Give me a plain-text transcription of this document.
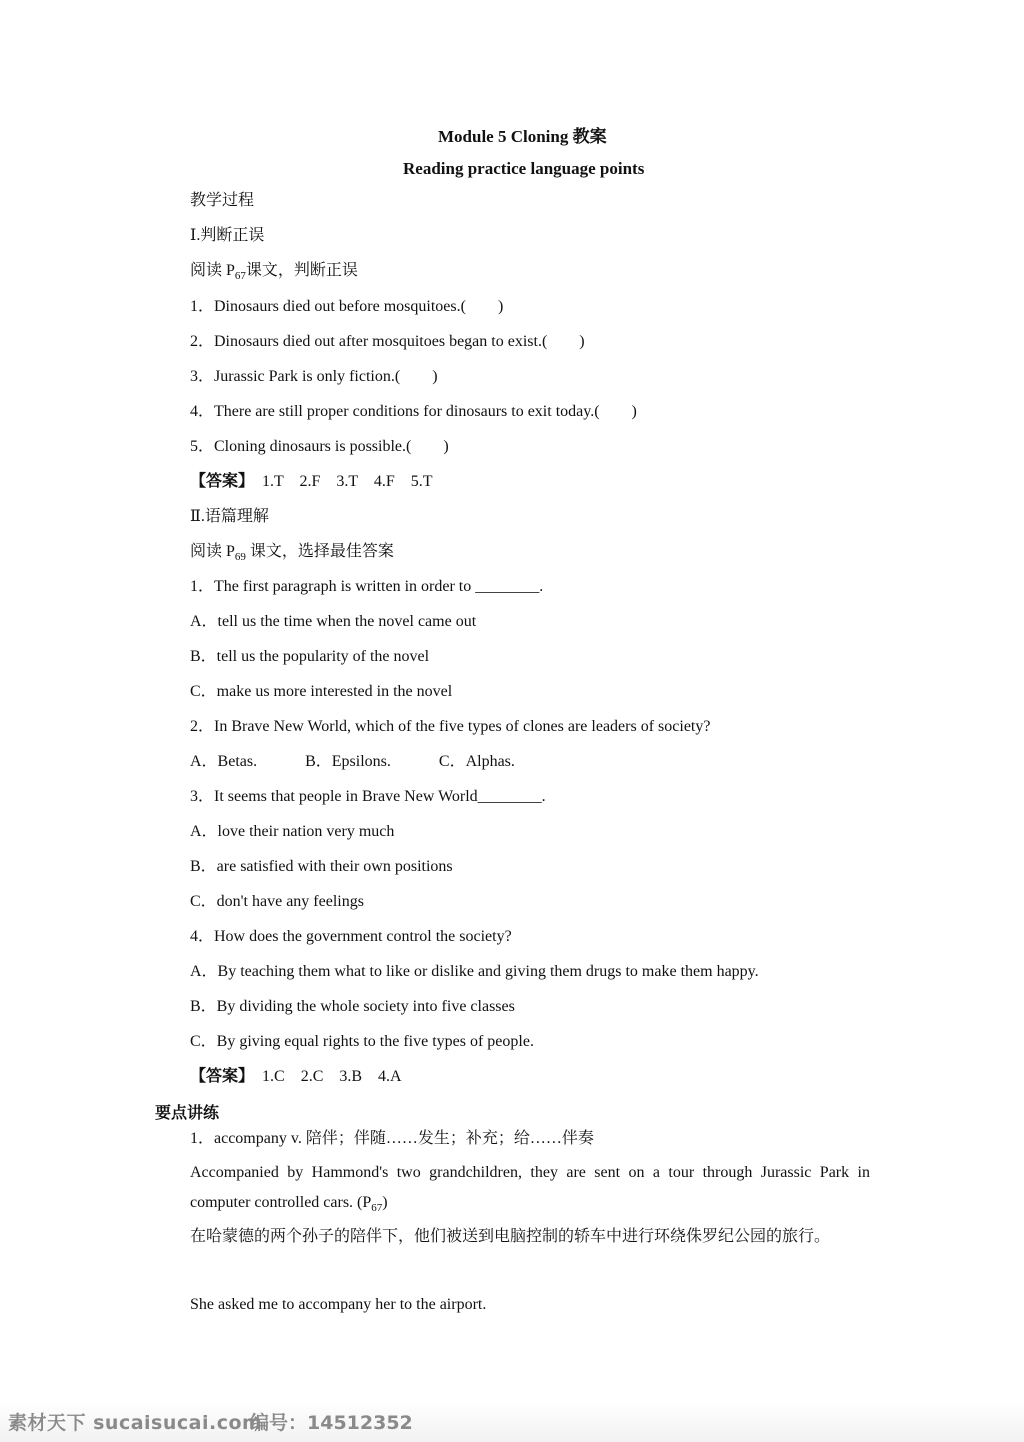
Module 5 Cloning 教案
Reading practice language points
教学过程
Ⅰ.判断正误
阅读 $P_{67}$课文，判断正误
1．Dinosaurs died out before mosquitoes.(　　)
2．Dinosaurs died out after mosquitoes began to exist.(　　)
3．Jurassic Park is only fiction.(　　)
4．There are still proper conditions for dinosaurs to exit today.(　　)
5．Cloning dinosaurs is possible.(　　)
【答案】 1.T　2.F　3.T　4.F　5.T
Ⅱ.语篇理解
阅读 $P_{69}$ 课文，选择最佳答案
1．The first paragraph is written in order to ________.
A．tell us the time when the novel came out
B．tell us the popularity of the novel
C．make us more interested in the novel
2．In Brave New World, which of the five types of clones are leaders of society?
A．Betas.　　　B．Epsilons.　　　C．Alphas.
3．It seems that people in Brave New World________.
A．love their nation very much
B．are satisfied with their own positions
C．don't have any feelings
4．How does the government control the society?
A．By teaching them what to like or dislike and giving them drugs to make them happy.
B．By dividing the whole society into five classes
C．By giving equal rights to the five types of people.
【答案】 1.C　2.C　3.B　4.A
要点讲练
1．accompany v. 陪伴；伴随……发生；补充；给……伴奏
Accompanied by Hammond's two grandchildren, they are sent on a tour through Jurassic Park in computer controlled cars. $(P_{67})$
在哈蒙德的两个孙子的陪伴下，他们被送到电脑控制的轿车中进行环绕侏罗纪公园的旅行。
She asked me to accompany her to the airport.
素材天下 sucaisucai.com
编号：14512352
